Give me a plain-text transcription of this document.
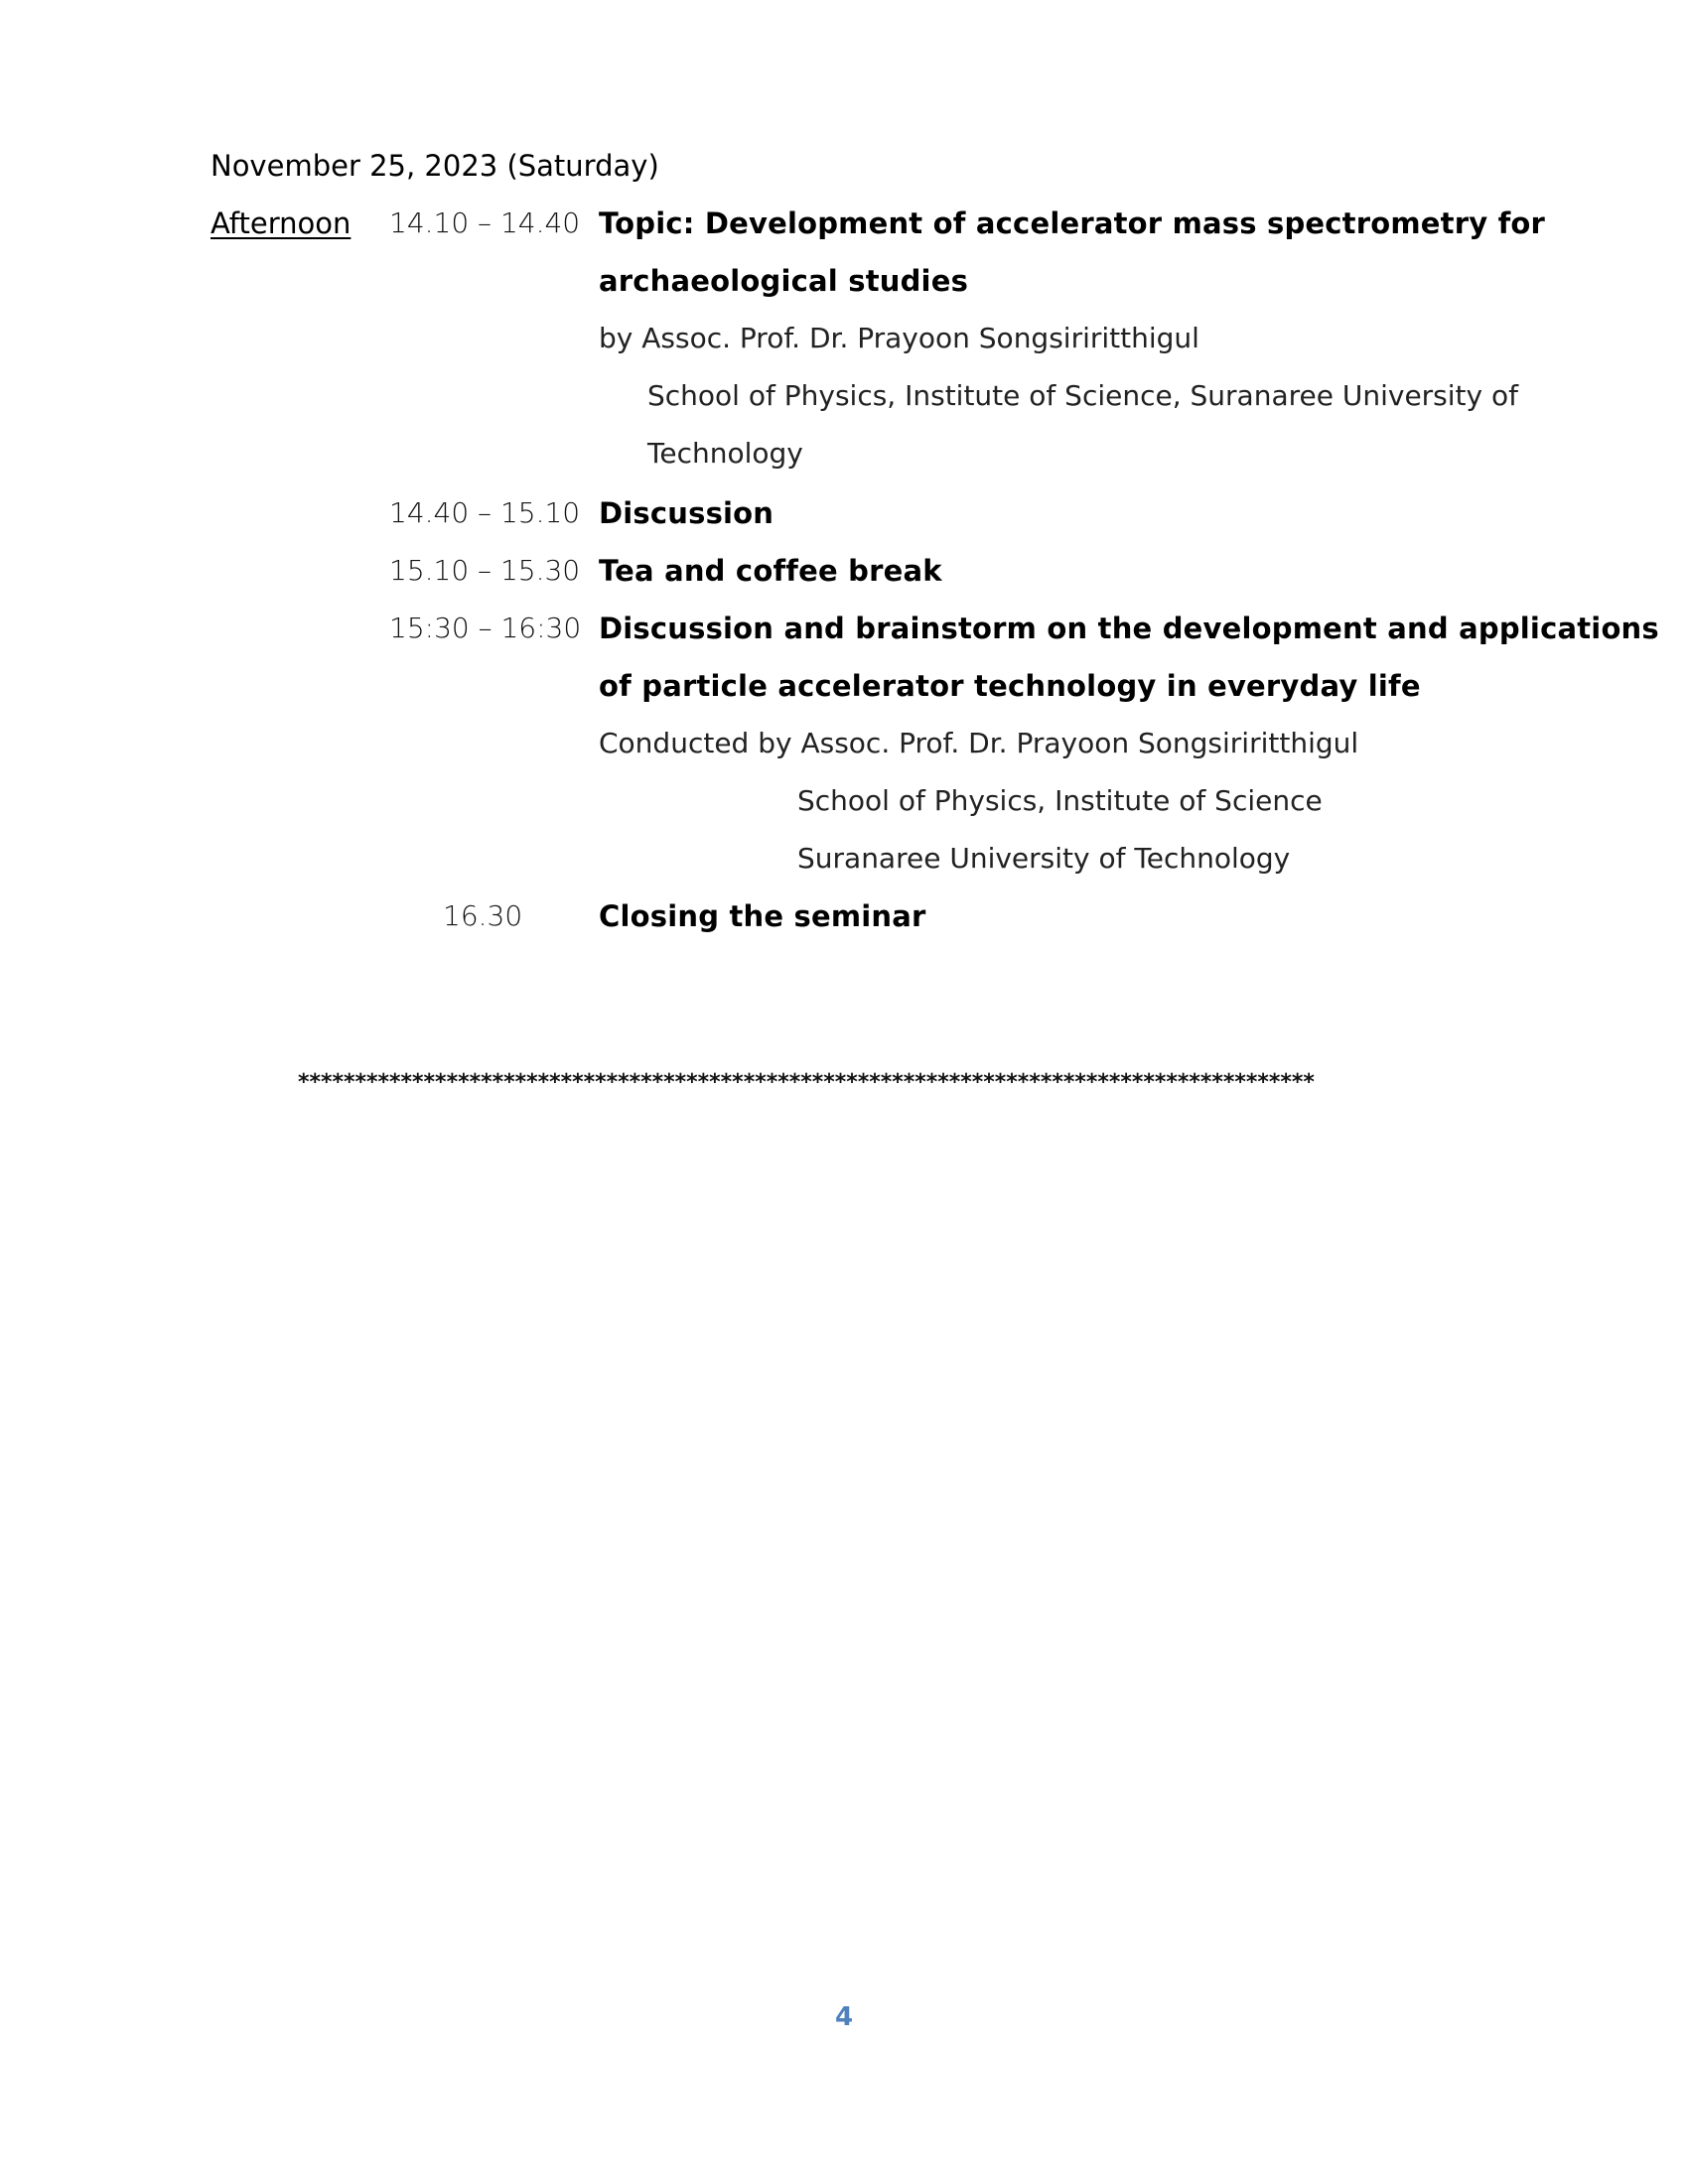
November 25, 2023 (Saturday)
Afternoon 14.10 – 14.40 Topic: Development of accelerator mass spectrometry for
archaeological studies
by Assoc. Prof. Dr. Prayoon Songsiriritthigul
School of Physics, Institute of Science, Suranaree University of
Technology
14.40 – 15.10 Discussion
15.10 – 15.30 Tea and coffee break
15:30 – 16:30 Discussion and brainstorm on the development and applications
of particle accelerator technology in everyday life
Conducted by Assoc. Prof. Dr. Prayoon Songsiriritthigul
School of Physics, Institute of Science
Suranaree University of Technology
16.30	Closing the seminar
*****************************************************************************************
4
